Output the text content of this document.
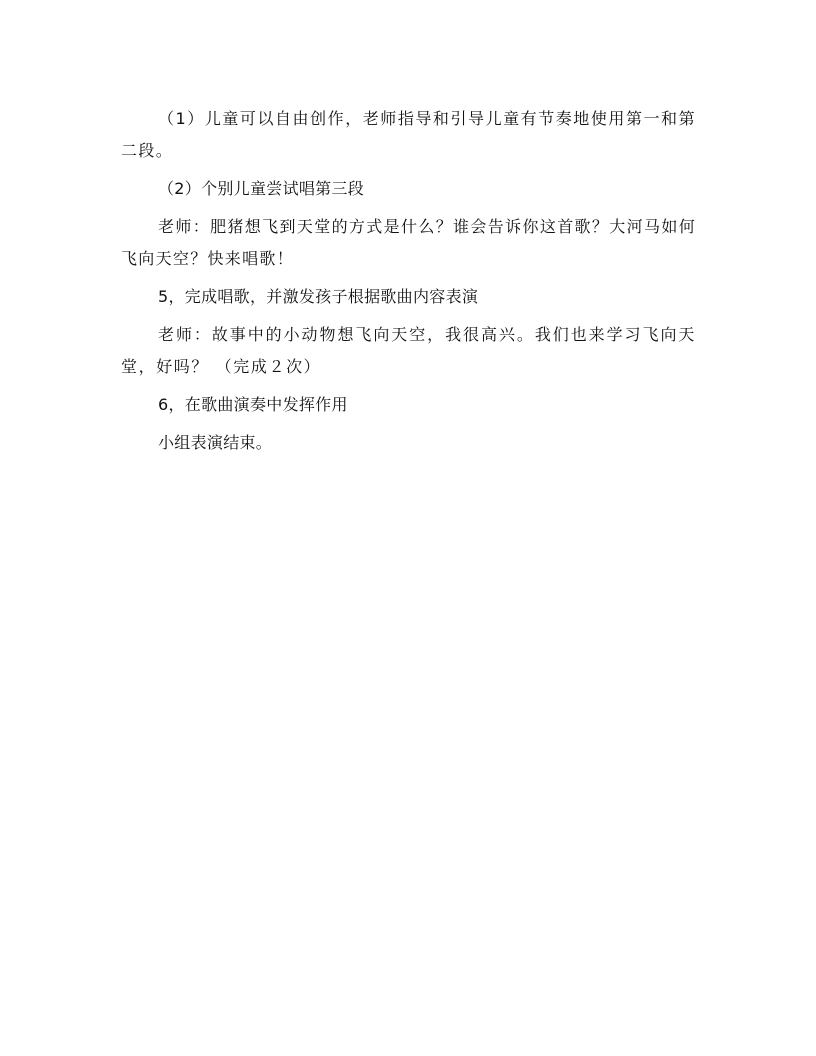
（1）儿童可以自由创作，老师指导和引导儿童有节奏地使用第一和第二段。

（2）个别儿童尝试唱第三段

老师：肥猪想飞到天堂的方式是什么？谁会告诉你这首歌？大河马如何飞向天空？快来唱歌！

5，完成唱歌，并激发孩子根据歌曲内容表演

老师：故事中的小动物想飞向天空，我很高兴。我们也来学习飞向天堂，好吗？ （完成２次）

6，在歌曲演奏中发挥作用

小组表演结束。
